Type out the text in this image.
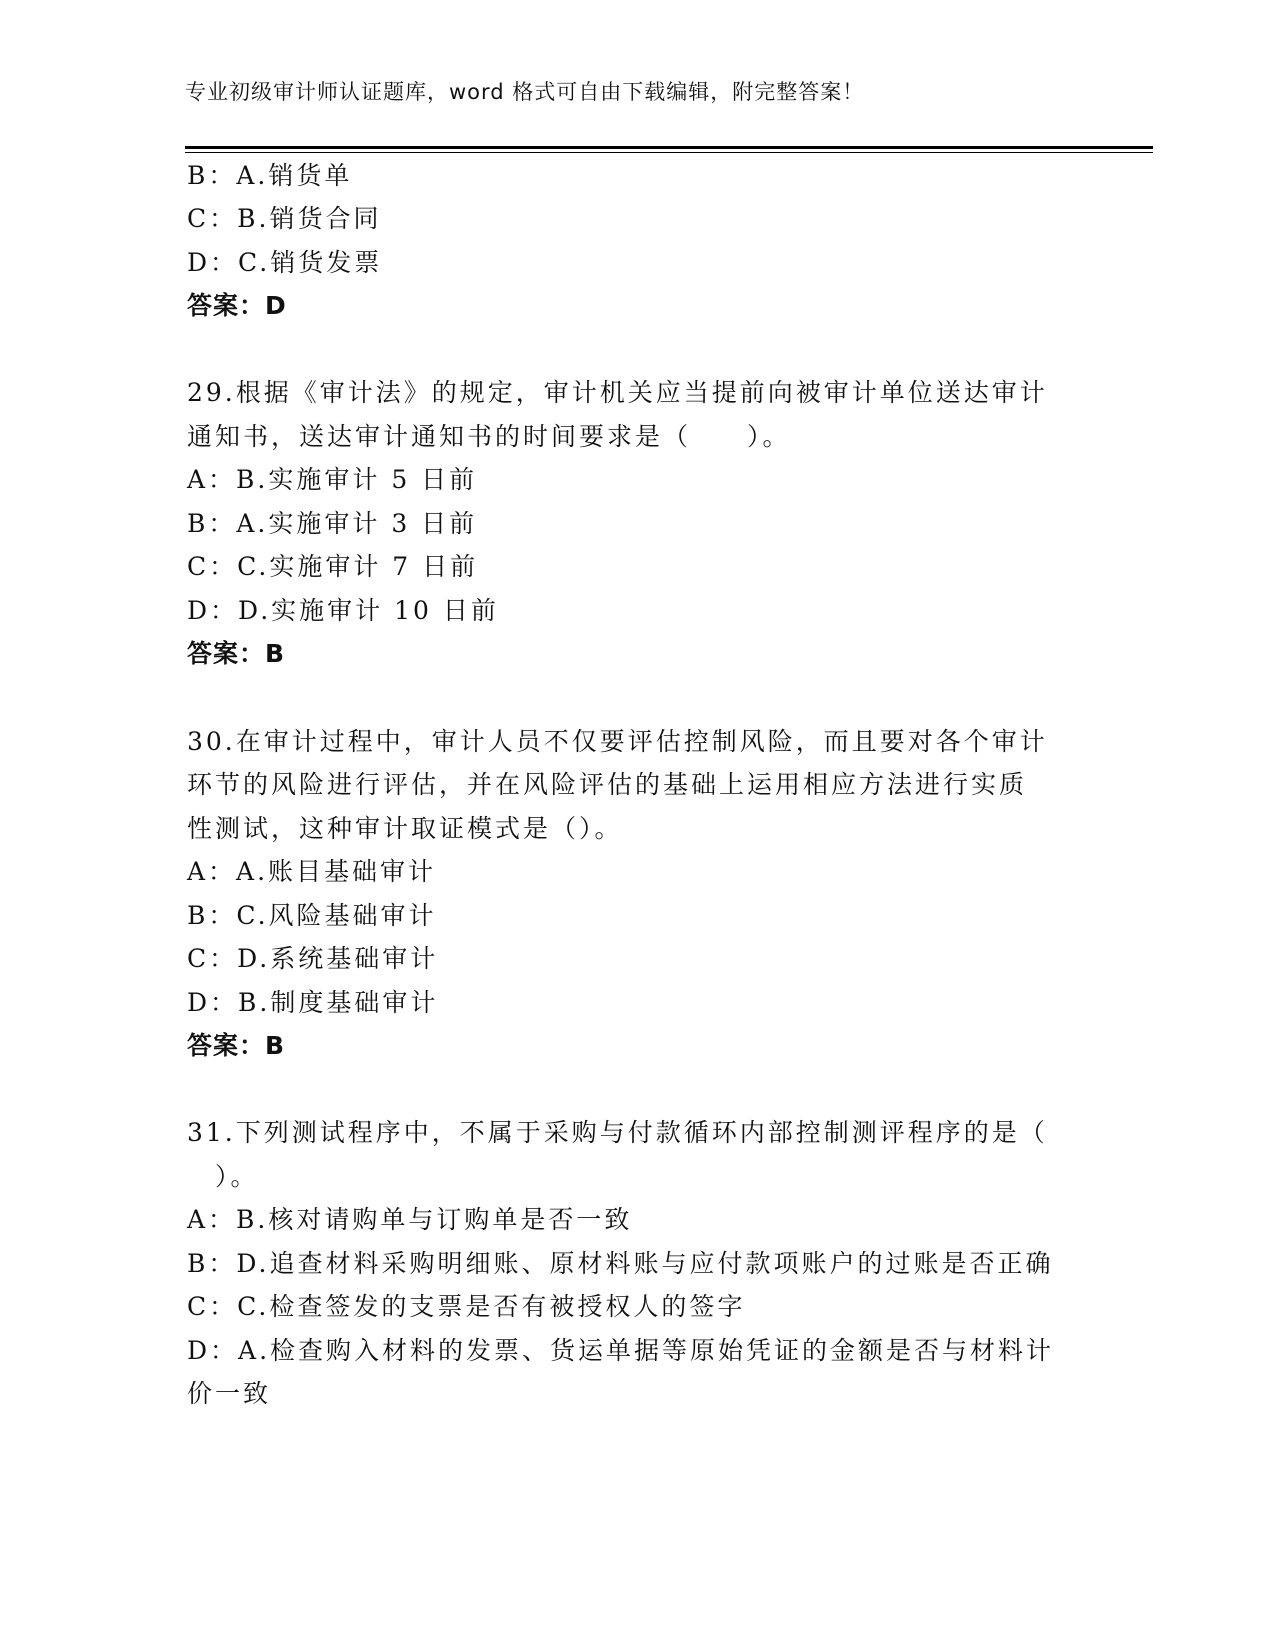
专业初级审计师认证题库，word 格式可自由下载编辑，附完整答案！
B：A.销货单
C：B.销货合同
D：C.销货发票
答案：D
29.根据《审计法》的规定，审计机关应当提前向被审计单位送达审计
通知书，送达审计通知书的时间要求是（　　）。
A：B.实施审计 5 日前
B：A.实施审计 3 日前
C：C.实施审计 7 日前
D：D.实施审计 10 日前
答案：B
30.在审计过程中，审计人员不仅要评估控制风险，而且要对各个审计
环节的风险进行评估，并在风险评估的基础上运用相应方法进行实质
性测试，这种审计取证模式是（）。
A：A.账目基础审计
B：C.风险基础审计
C：D.系统基础审计
D：B.制度基础审计
答案：B
31.下列测试程序中，不属于采购与付款循环内部控制测评程序的是（
　）。
A：B.核对请购单与订购单是否一致
B：D.追查材料采购明细账、原材料账与应付款项账户的过账是否正确
C：C.检查签发的支票是否有被授权人的签字
D：A.检查购入材料的发票、货运单据等原始凭证的金额是否与材料计
价一致
